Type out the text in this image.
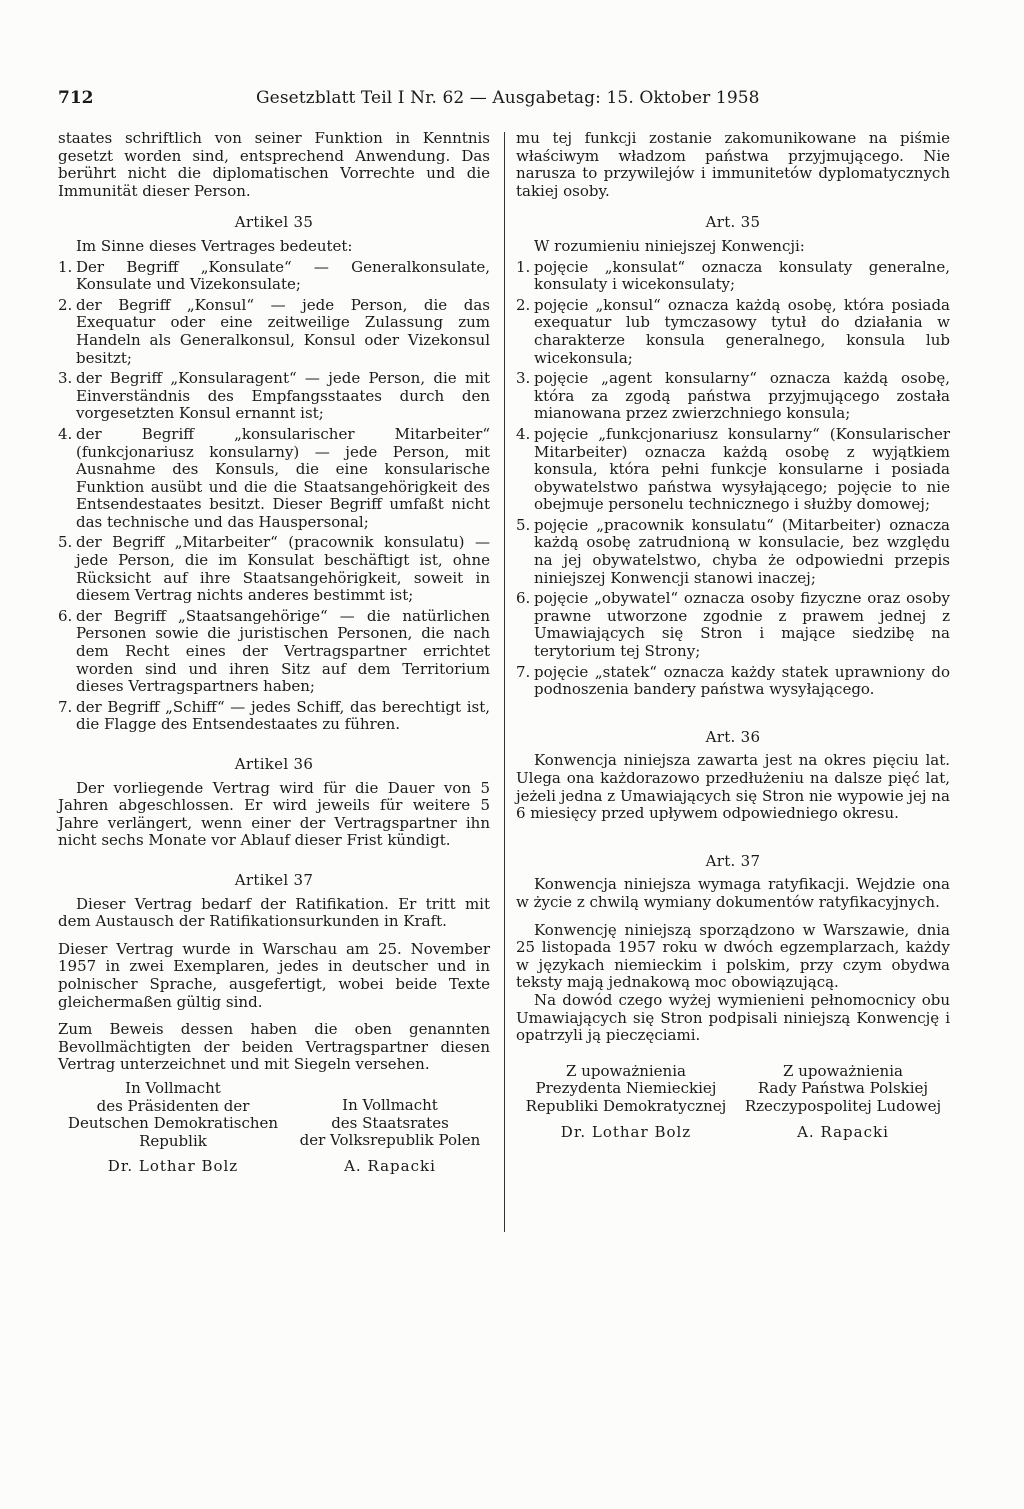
712	Gesetzblatt Teil I Nr. 62 — Ausgabetag: 15. Oktober 1958

staates schriftlich von seiner Funktion in Kenntnis gesetzt worden sind, entsprechend Anwendung. Das berührt nicht die diplomatischen Vorrechte und die Immunität dieser Person.

Artikel 35

Im Sinne dieses Vertrages bedeutet:

1. Der Begriff „Konsulate“ — Generalkonsulate, Konsulate und Vizekonsulate;
2. der Begriff „Konsul“ — jede Person, die das Exequatur oder eine zeitweilige Zulassung zum Handeln als Generalkonsul, Konsul oder Vizekonsul besitzt;
3. der Begriff „Konsularagent“ — jede Person, die mit Einverständnis des Empfangsstaates durch den vorgesetzten Konsul ernannt ist;
4. der Begriff „konsularischer Mitarbeiter“ (funkcjonariusz konsularny) — jede Person, mit Ausnahme des Konsuls, die eine konsularische Funktion ausübt und die die Staatsangehörigkeit des Entsendestaates besitzt. Dieser Begriff umfaßt nicht das technische und das Hauspersonal;
5. der Begriff „Mitarbeiter“ (pracownik konsulatu) — jede Person, die im Konsulat beschäftigt ist, ohne Rücksicht auf ihre Staatsangehörigkeit, soweit in diesem Vertrag nichts anderes bestimmt ist;
6. der Begriff „Staatsangehörige“ — die natürlichen Personen sowie die juristischen Personen, die nach dem Recht eines der Vertragspartner errichtet worden sind und ihren Sitz auf dem Territorium dieses Vertragspartners haben;
7. der Begriff „Schiff“ — jedes Schiff, das berechtigt ist, die Flagge des Entsendestaates zu führen.
Artikel 36

Der vorliegende Vertrag wird für die Dauer von 5 Jahren abgeschlossen. Er wird jeweils für weitere 5 Jahre verlängert, wenn einer der Vertragspartner ihn nicht sechs Monate vor Ablauf dieser Frist kündigt.

Artikel 37

Dieser Vertrag bedarf der Ratifikation. Er tritt mit dem Austausch der Ratifikationsurkunden in Kraft.

Dieser Vertrag wurde in Warschau am 25. November 1957 in zwei Exemplaren, jedes in deutscher und in polnischer Sprache, ausgefertigt, wobei beide Texte gleichermaßen gültig sind.

Zum Beweis dessen haben die oben genannten Bevollmächtigten der beiden Vertragspartner diesen Vertrag unterzeichnet und mit Siegeln versehen.

In Vollmacht
des Präsidenten der
Deutschen Demokratischen
Republik
Dr. Lothar Bolz
In Vollmacht
des Staatsrates
der Volksrepublik Polen
A. Rapacki

mu tej funkcji zostanie zakomunikowane na piśmie właściwym władzom państwa przyjmującego. Nie narusza to przywilejów i immunitetów dyplomatycznych takiej osoby.

Art. 35

W rozumieniu niniejszej Konwencji:

1. pojęcie „konsulat“ oznacza konsulaty generalne, konsulaty i wicekonsulaty;
2. pojęcie „konsul“ oznacza każdą osobę, która posiada exequatur lub tymczasowy tytuł do działania w charakterze konsula generalnego, konsula lub wicekonsula;
3. pojęcie „agent konsularny“ oznacza każdą osobę, która za zgodą państwa przyjmującego została mianowana przez zwierzchniego konsula;
4. pojęcie „funkcjonariusz konsularny“ (Konsularischer Mitarbeiter) oznacza każdą osobę z wyjątkiem konsula, która pełni funkcje konsularne i posiada obywatelstwo państwa wysyłającego; pojęcie to nie obejmuje personelu technicznego i służby domowej;
5. pojęcie „pracownik konsulatu“ (Mitarbeiter) oznacza każdą osobę zatrudnioną w konsulacie, bez względu na jej obywatelstwo, chyba że odpowiedni przepis niniejszej Konwencji stanowi inaczej;
6. pojęcie „obywatel“ oznacza osoby fizyczne oraz osoby prawne utworzone zgodnie z prawem jednej z Umawiających się Stron i mające siedzibę na terytorium tej Strony;
7. pojęcie „statek“ oznacza każdy statek uprawniony do podnoszenia bandery państwa wysyłającego.
Art. 36

Konwencja niniejsza zawarta jest na okres pięciu lat. Ulega ona każdorazowo przedłużeniu na dalsze pięć lat, jeżeli jedna z Umawiających się Stron nie wypowie jej na 6 miesięcy przed upływem odpowiedniego okresu.

Art. 37

Konwencja niniejsza wymaga ratyfikacji. Wejdzie ona w życie z chwilą wymiany dokumentów ratyfikacyjnych.

Konwencję niniejszą sporządzono w Warszawie, dnia 25 listopada 1957 roku w dwóch egzemplarzach, każdy w językach niemieckim i polskim, przy czym obydwa teksty mają jednakową moc obowiązującą.

Na dowód czego wyżej wymienieni pełnomocnicy obu Umawiających się Stron podpisali niniejszą Konwencję i opatrzyli ją pieczęciami.

Z upoważnienia
Prezydenta Niemieckiej
Republiki Demokratycznej
Dr. Lothar Bolz
Z upoważnienia
Rady Państwa Polskiej
Rzeczypospolitej Ludowej
A. Rapacki
